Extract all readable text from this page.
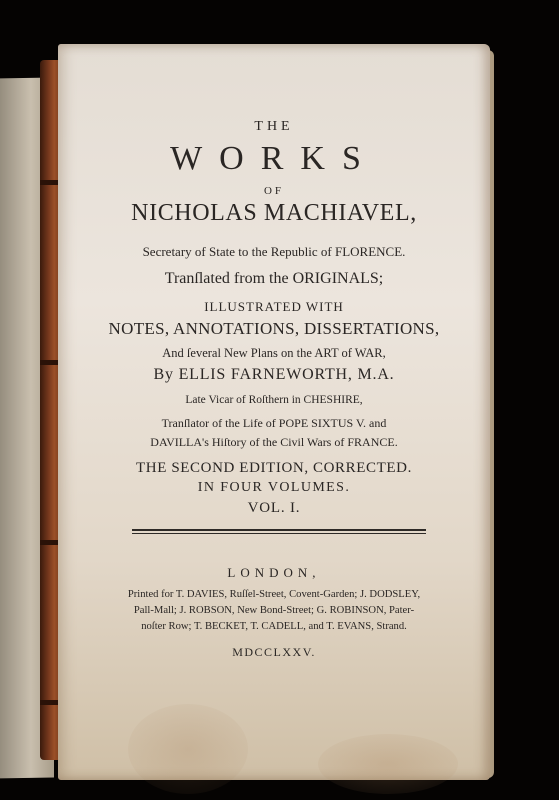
THE
WORKS
OF
NICHOLAS MACHIAVEL,
Secretary of State to the Republic of FLORENCE.
Tranſlated from the ORIGINALS;
ILLUSTRATED WITH
NOTES, ANNOTATIONS, DISSERTATIONS,
And ſeveral New Plans on the ART of WAR,
By ELLIS FARNEWORTH, M.A.
Late Vicar of Roſthern in CHESHIRE,
Tranſlator of the Life of POPE SIXTUS V. and
DAVILLA's Hiſtory of the Civil Wars of FRANCE.
THE SECOND EDITION, CORRECTED.
IN FOUR VOLUMES.
VOL. I.
LONDON,
Printed for T. DAVIES, Ruſſel-Street, Covent-Garden; J. DODSLEY,
Pall-Mall; J. ROBSON, New Bond-Street; G. ROBINSON, Pater-
noſter Row; T. BECKET, T. CADELL, and T. EVANS, Strand.
MDCCLXXV.
